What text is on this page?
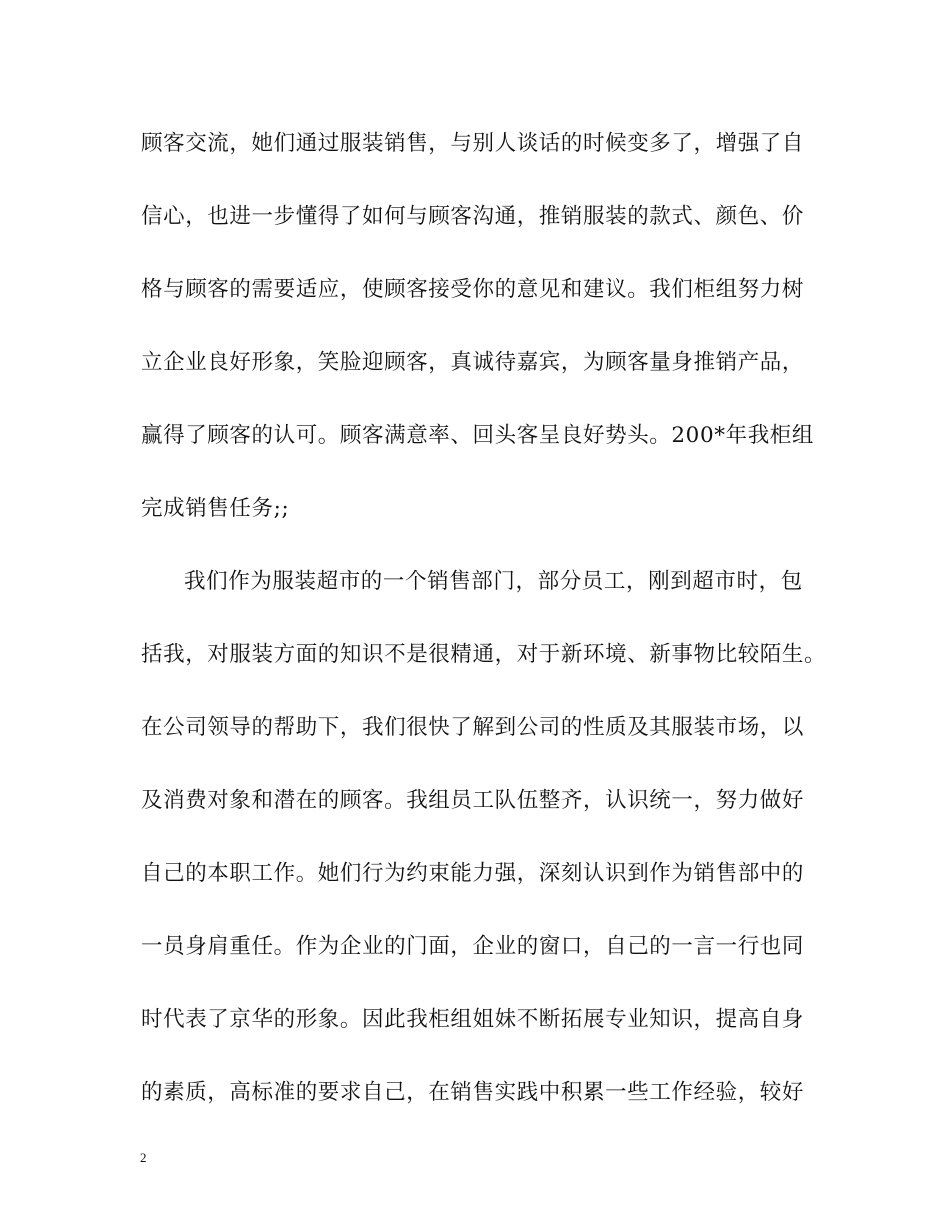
顾客交流，她们通过服装销售，与别人谈话的时候变多了，增强了自
信心，也进一步懂得了如何与顾客沟通，推销服装的款式、颜色、价
格与顾客的需要适应，使顾客接受你的意见和建议。我们柜组努力树
立企业良好形象，笑脸迎顾客，真诚待嘉宾，为顾客量身推销产品，
赢得了顾客的认可。顾客满意率、回头客呈良好势头。200*年我柜组
完成销售任务;;
我们作为服装超市的一个销售部门，部分员工，刚到超市时，包
括我，对服装方面的知识不是很精通，对于新环境、新事物比较陌生。
在公司领导的帮助下，我们很快了解到公司的性质及其服装市场，以
及消费对象和潜在的顾客。我组员工队伍整齐，认识统一，努力做好
自己的本职工作。她们行为约束能力强，深刻认识到作为销售部中的
一员身肩重任。作为企业的门面，企业的窗口，自己的一言一行也同
时代表了京华的形象。因此我柜组姐妹不断拓展专业知识，提高自身
的素质，高标准的要求自己，在销售实践中积累一些工作经验，较好
2
